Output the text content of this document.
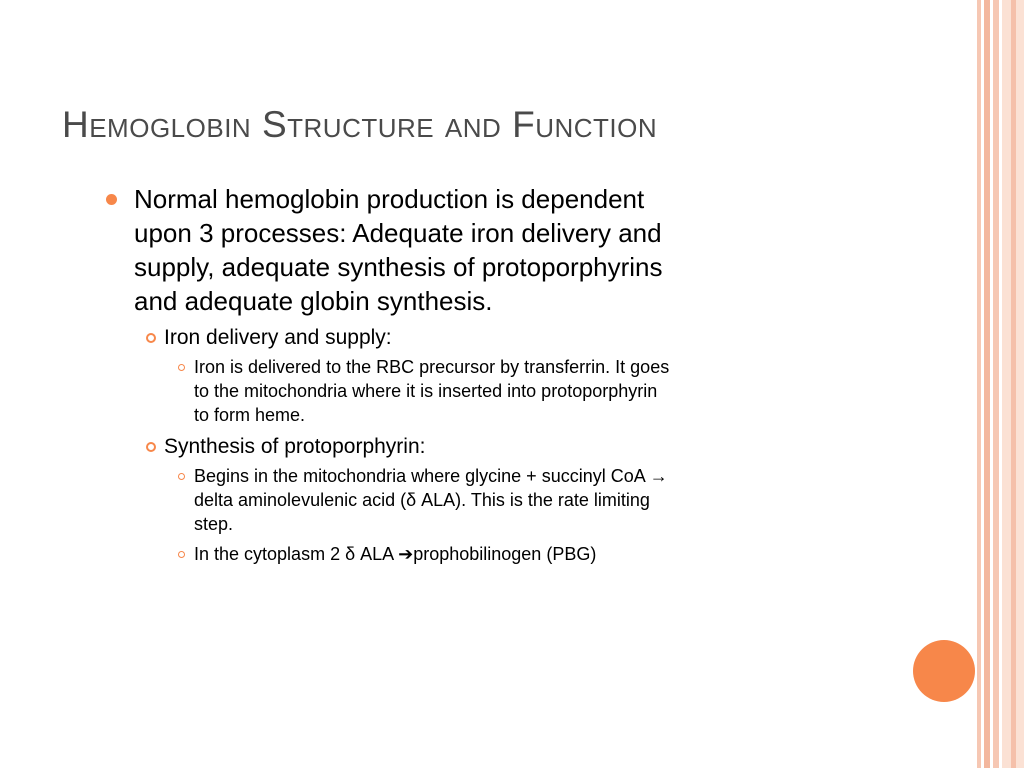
Hemoglobin Structure and Function
Normal hemoglobin production is dependent
upon 3 processes: Adequate iron delivery and
supply, adequate synthesis of protoporphyrins
and adequate globin synthesis.
Iron delivery and supply:
Iron is delivered to the RBC precursor by transferrin. It goes
to the mitochondria where it is inserted into protoporphyrin
to form heme.
Synthesis of protoporphyrin:
Begins in the mitochondria where glycine + succinyl CoA →
delta aminolevulenic acid (δ ALA). This is the rate limiting
step.
In the cytoplasm 2 δ ALA ➔prophobilinogen (PBG)
